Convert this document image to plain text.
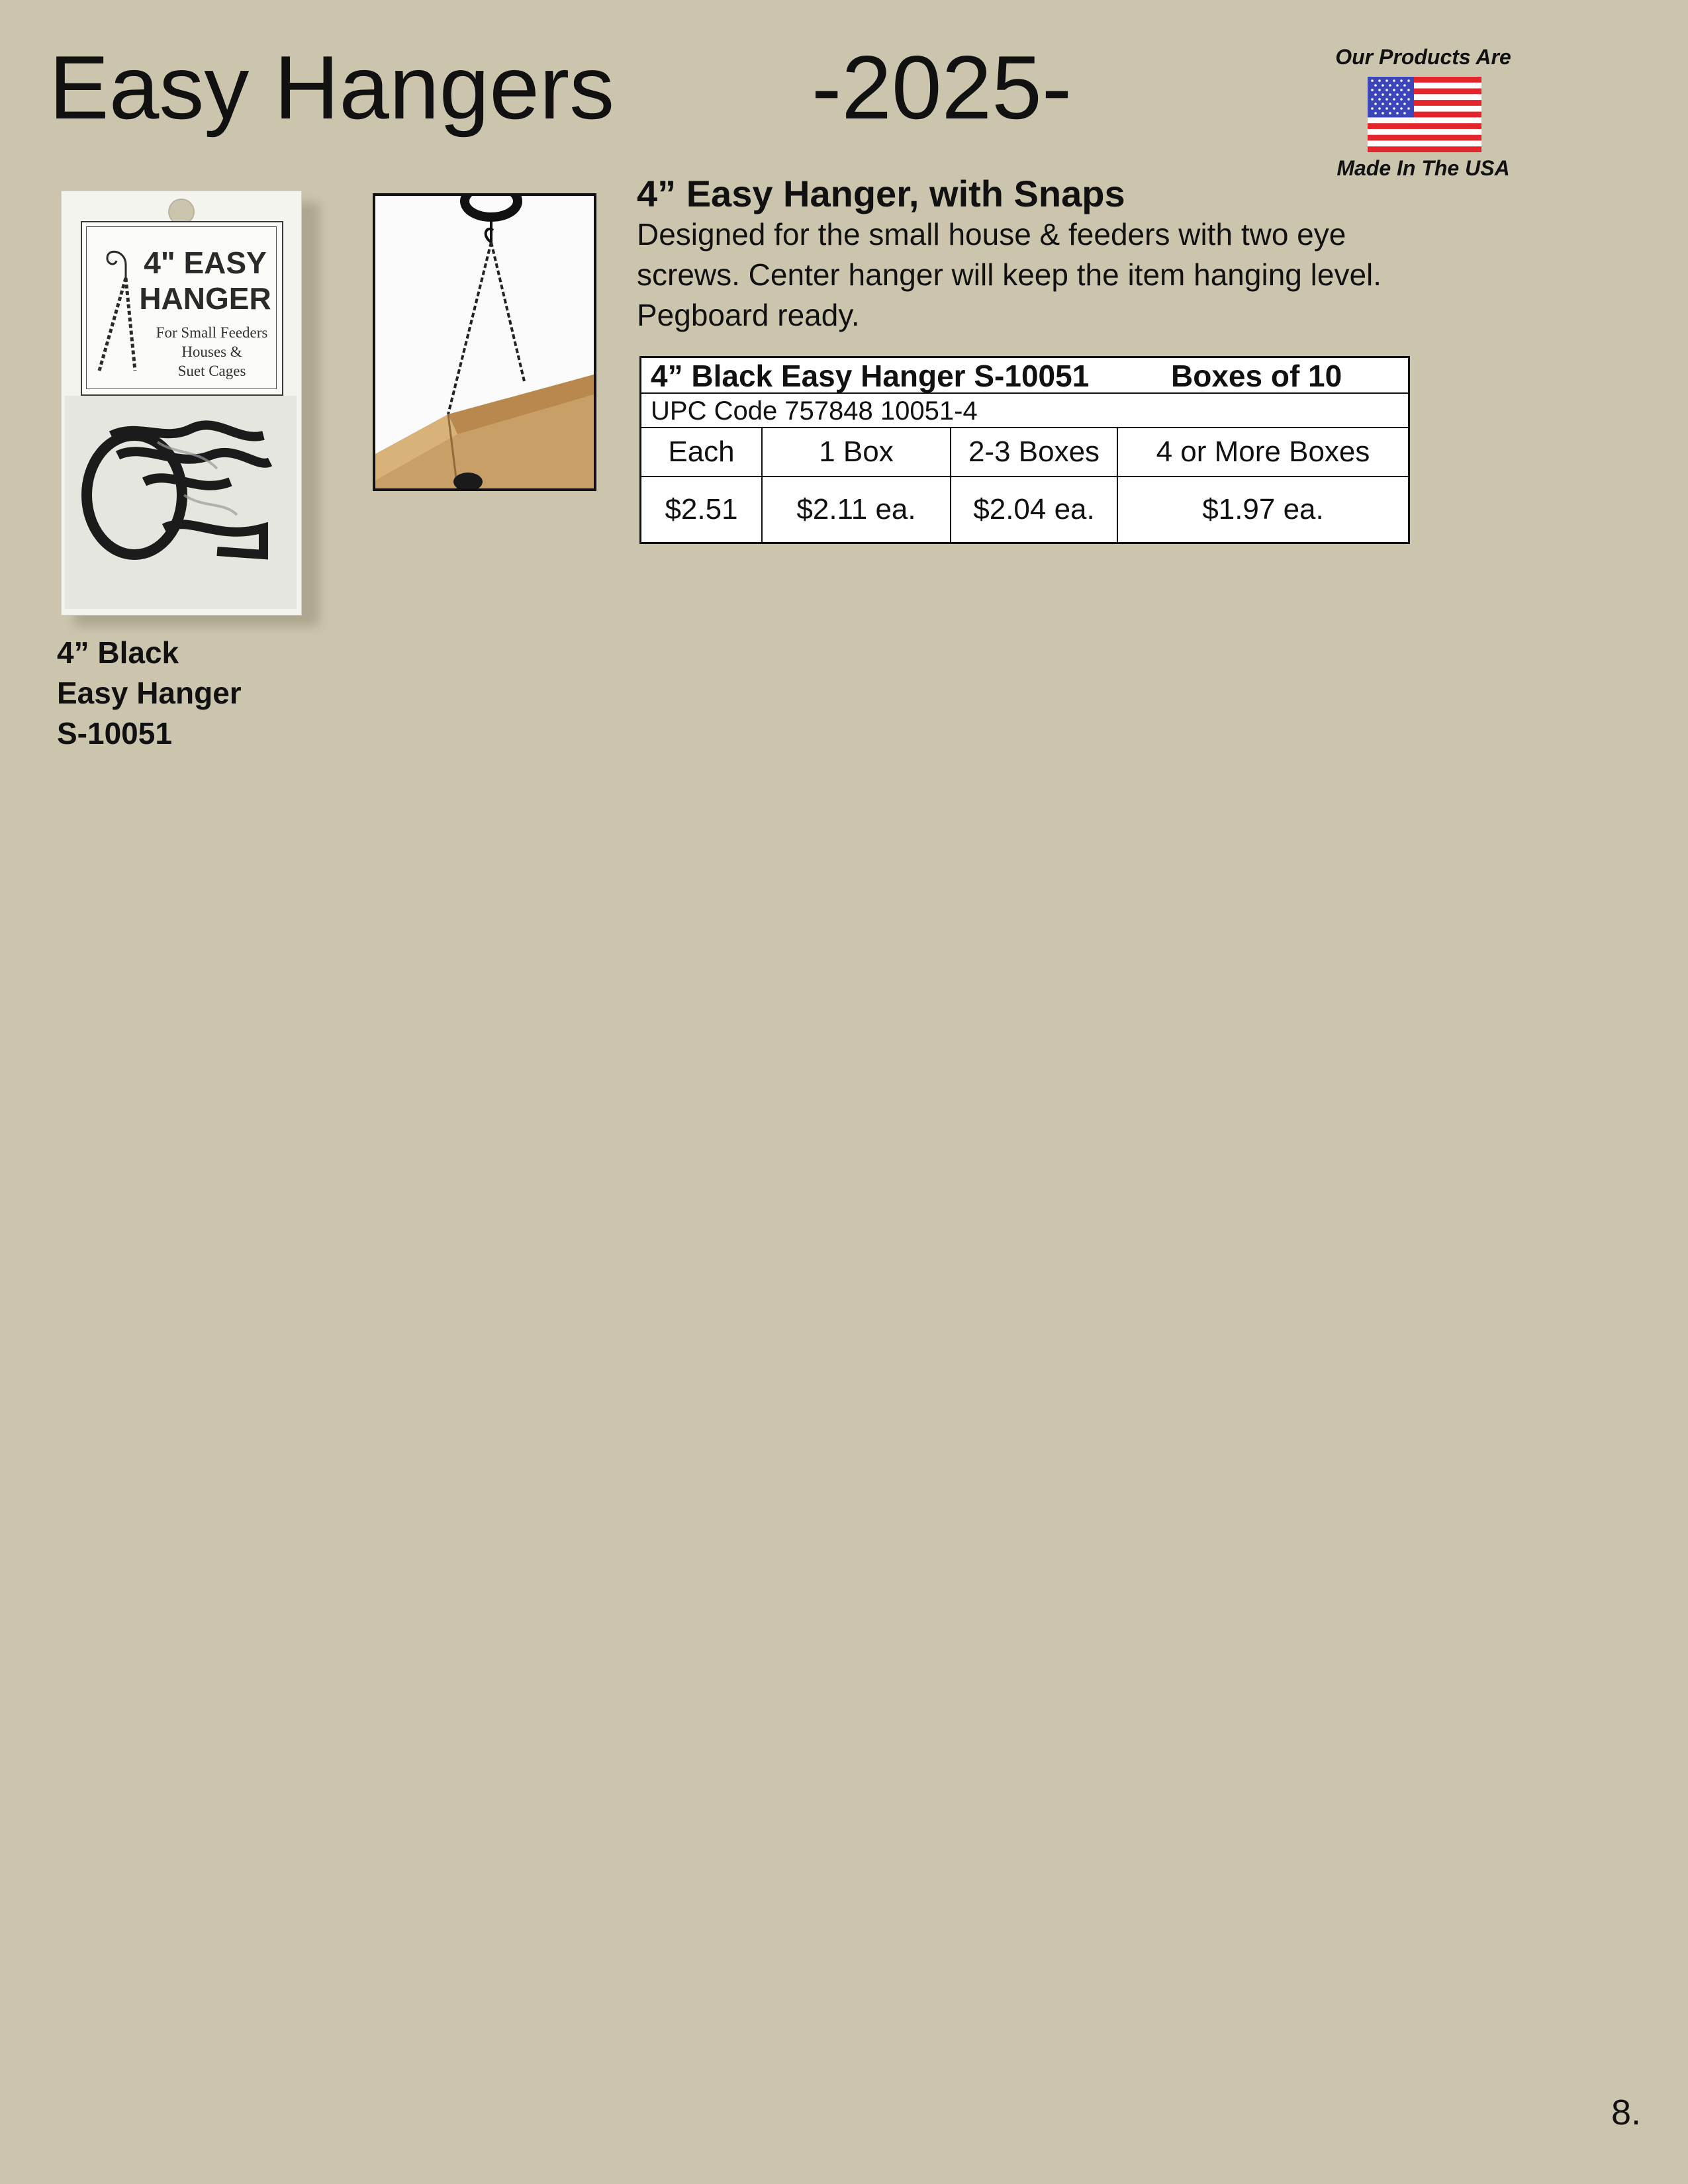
Easy Hangers -2025-	Our Products Are
Made In The USA
4" EASY
HANGER
For Small Feeders
Houses &
Suet Cages
4” Black
Easy Hanger
S-10051
4” Easy Hanger, with Snaps
Designed for the small house & feeders with two eye screws. Center hanger will keep the item hanging level. Pegboard ready.
4” Black Easy Hanger S-10051	Boxes of 10
UPC Code 757848 10051-4
Each	1 Box	2-3 Boxes	4 or More Boxes
$2.51	$2.11 ea.	$2.04 ea.	$1.97 ea.
8.
